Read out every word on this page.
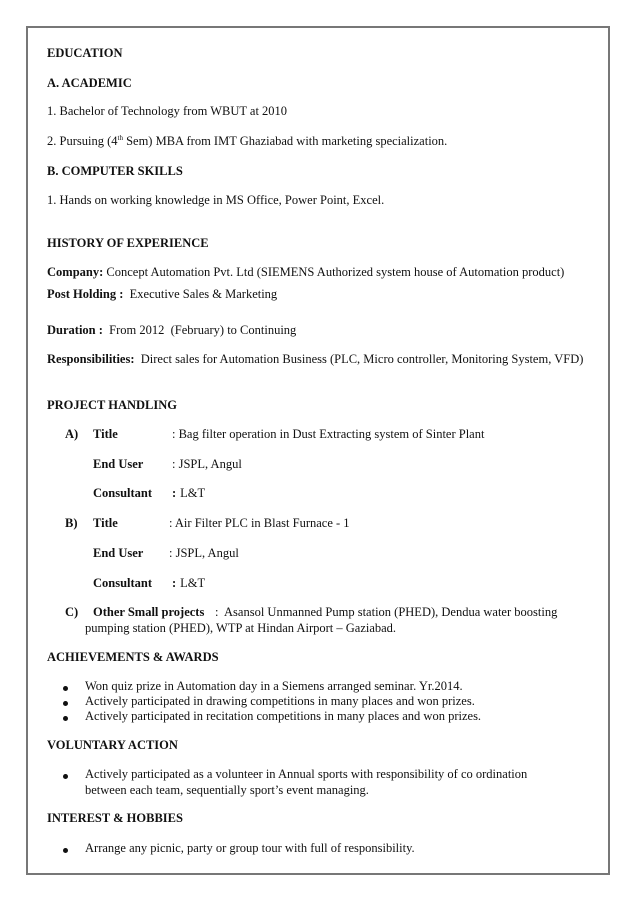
EDUCATION
A. ACADEMIC
1. Bachelor of Technology from WBUT at 2010
2. Pursuing (4th Sem) MBA from IMT Ghaziabad with marketing specialization.
B. COMPUTER SKILLS
1. Hands on working knowledge in MS Office, Power Point, Excel.
HISTORY OF EXPERIENCE
Company: Concept Automation Pvt. Ltd (SIEMENS Authorized system house of Automation product)
Post Holding :  Executive Sales & Marketing
Duration :  From 2012  (February) to Continuing
Responsibilities:  Direct sales for Automation Business (PLC, Micro controller, Monitoring System, VFD)
PROJECT HANDLING
A) Title	: Bag filter operation in Dust Extracting system of Sinter Plant
End User : JSPL, Angul
Consultant : L&T
B) Title	: Air Filter PLC in Blast Furnace - 1
End User : JSPL, Angul
Consultant : L&T
C) Other Small projects :  Asansol Unmanned Pump station (PHED), Dendua water boosting
pumping station (PHED), WTP at Hindan Airport – Gaziabad.
ACHIEVEMENTS & AWARDS
Won quiz prize in Automation day in a Siemens arranged seminar. Yr.2014.
Actively participated in drawing competitions in many places and won prizes.
Actively participated in recitation competitions in many places and won prizes.
VOLUNTARY ACTION
Actively participated as a volunteer in Annual sports with responsibility of co ordination
between each team, sequentially sport’s event managing.
INTEREST & HOBBIES
Arrange any picnic, party or group tour with full of responsibility.
